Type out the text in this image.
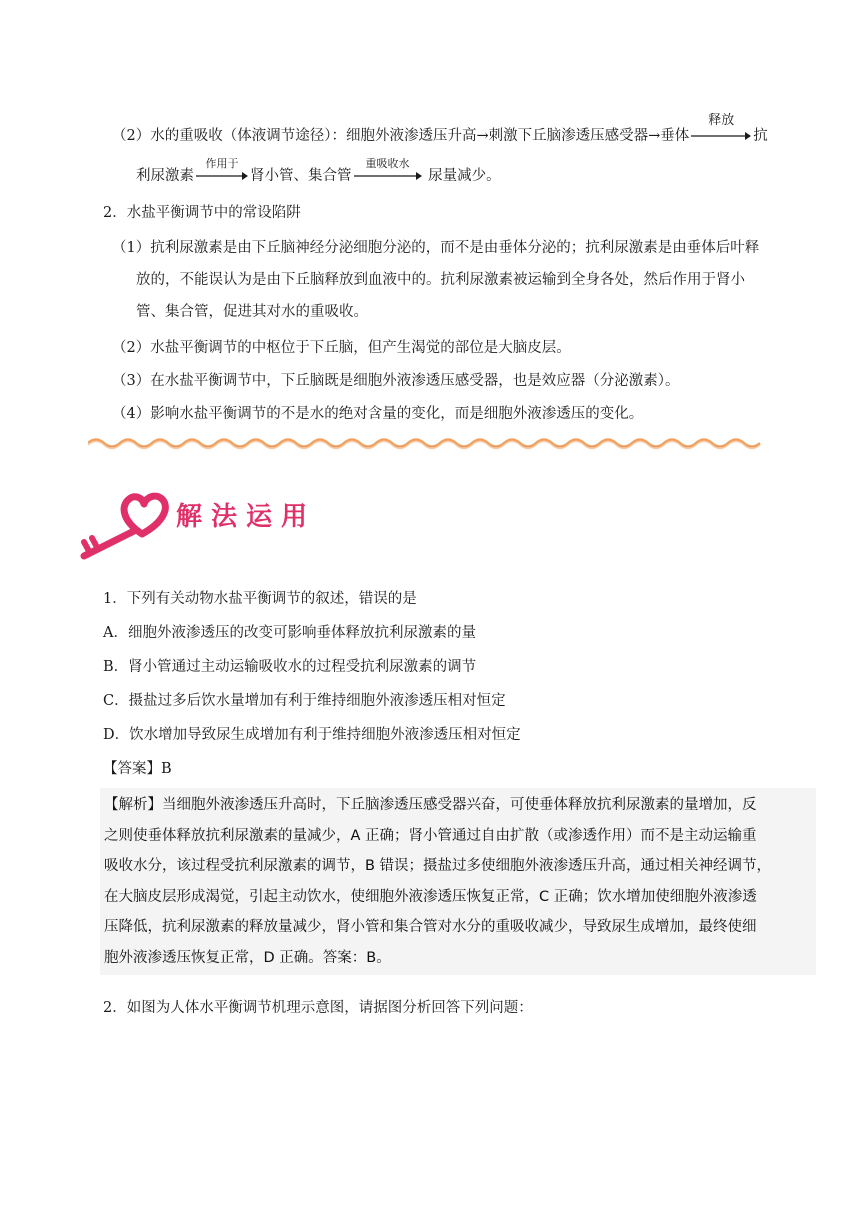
（2）水的重吸收（体液调节途径）：细胞外液渗透压升高→刺激下丘脑渗透压感受器→垂体
释放
抗
利尿激素
作用于
肾小管、集合管
重吸收水
尿量减少。
2．水盐平衡调节中的常设陷阱
（1）抗利尿激素是由下丘脑神经分泌细胞分泌的，而不是由垂体分泌的；抗利尿激素是由垂体后叶释
放的，不能误认为是由下丘脑释放到血液中的。抗利尿激素被运输到全身各处，然后作用于肾小
管、集合管，促进其对水的重吸收。
（2）水盐平衡调节的中枢位于下丘脑，但产生渴觉的部位是大脑皮层。
（3）在水盐平衡调节中，下丘脑既是细胞外液渗透压感受器，也是效应器（分泌激素）。
（4）影响水盐平衡调节的不是水的绝对含量的变化，而是细胞外液渗透压的变化。
解法运用
1．下列有关动物水盐平衡调节的叙述，错误的是
A．细胞外液渗透压的改变可影响垂体释放抗利尿激素的量
B．肾小管通过主动运输吸收水的过程受抗利尿激素的调节
C．摄盐过多后饮水量增加有利于维持细胞外液渗透压相对恒定
D．饮水增加导致尿生成增加有利于维持细胞外液渗透压相对恒定
【答案】B
【解析】当细胞外液渗透压升高时，下丘脑渗透压感受器兴奋，可使垂体释放抗利尿激素的量增加，反
之则使垂体释放抗利尿激素的量减少，A 正确；肾小管通过自由扩散（或渗透作用）而不是主动运输重
吸收水分，该过程受抗利尿激素的调节，B 错误；摄盐过多使细胞外液渗透压升高，通过相关神经调节，
在大脑皮层形成渴觉，引起主动饮水，使细胞外液渗透压恢复正常，C 正确；饮水增加使细胞外液渗透
压降低，抗利尿激素的释放量减少，肾小管和集合管对水分的重吸收减少，导致尿生成增加，最终使细
胞外液渗透压恢复正常，D 正确。答案：B。
2．如图为人体水平衡调节机理示意图，请据图分析回答下列问题：
